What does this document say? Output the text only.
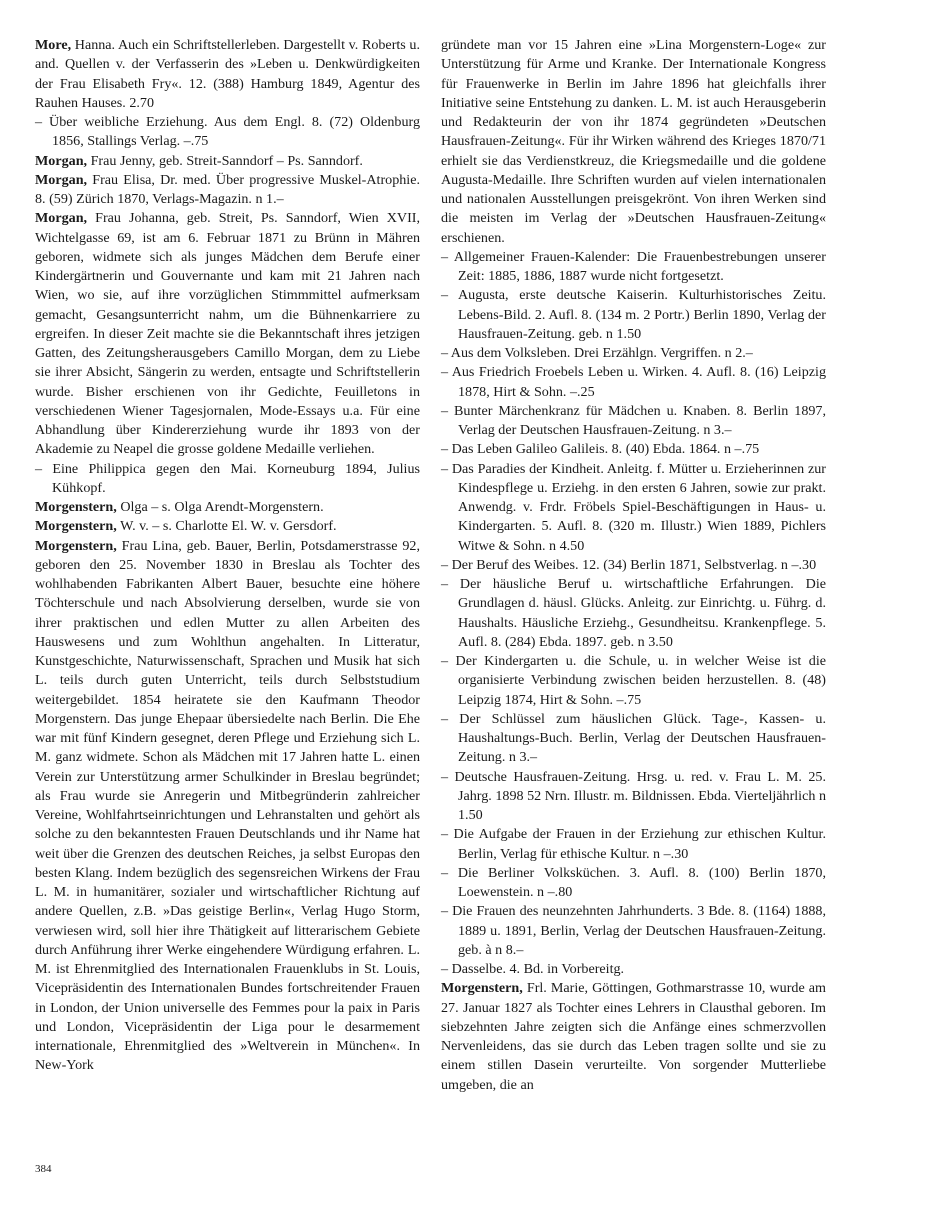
More, Hanna. Auch ein Schriftstellerleben. Dargestellt v. Roberts u. and. Quellen v. der Verfasserin des »Leben u. Denkwürdigkeiten der Frau Elisabeth Fry«. 12. (388) Hamburg 1849, Agentur des Rauhen Hauses. 2.70

– Über weibliche Erziehung. Aus dem Engl. 8. (72) Oldenburg 1856, Stallings Verlag. –.75

Morgan, Frau Jenny, geb. Streit-Sanndorf – Ps. Sanndorf.

Morgan, Frau Elisa, Dr. med. Über progressive Muskel-Atrophie. 8. (59) Zürich 1870, Verlags-Magazin. n 1.–

Morgan, Frau Johanna, geb. Streit, Ps. Sanndorf, Wien XVII, Wichtelgasse 69, ist am 6. Februar 1871 zu Brünn in Mähren geboren, widmete sich als junges Mädchen dem Berufe einer Kindergärtnerin und Gouvernante und kam mit 21 Jahren nach Wien, wo sie, auf ihre vorzüglichen Stimmmittel aufmerksam gemacht, Gesangsunterricht nahm, um die Bühnenkarriere zu ergreifen. In dieser Zeit machte sie die Bekanntschaft ihres jetzigen Gatten, des Zeitungsherausgebers Camillo Morgan, dem zu Liebe sie ihrer Absicht, Sängerin zu werden, entsagte und Schriftstellerin wurde. Bisher erschienen von ihr Gedichte, Feuilletons in verschiedenen Wiener Tagesjornalen, Mode-Essays u.a. Für eine Abhandlung über Kindererziehung wurde ihr 1893 von der Akademie zu Neapel die grosse goldene Medaille verliehen.

– Eine Philippica gegen den Mai. Korneuburg 1894, Julius Kühkopf.

Morgenstern, Olga – s. Olga Arendt-Morgenstern.

Morgenstern, W. v. – s. Charlotte El. W. v. Gersdorf.

Morgenstern, Frau Lina, geb. Bauer, Berlin, Potsdamerstrasse 92, geboren den 25. November 1830 in Breslau als Tochter des wohlhabenden Fabrikanten Albert Bauer, besuchte eine höhere Töchterschule und nach Absolvierung derselben, wurde sie von ihrer praktischen und edlen Mutter zu allen Arbeiten des Hauswesens und zum Wohlthun angehalten. In Litteratur, Kunstgeschichte, Naturwissenschaft, Sprachen und Musik hat sich L. teils durch guten Unterricht, teils durch Selbststudium weitergebildet. 1854 heiratete sie den Kaufmann Theodor Morgenstern. Das junge Ehepaar übersiedelte nach Berlin. Die Ehe war mit fünf Kindern gesegnet, deren Pflege und Erziehung sich L. M. ganz widmete. Schon als Mädchen mit 17 Jahren hatte L. einen Verein zur Unterstützung armer Schulkinder in Breslau begründet; als Frau wurde sie Anregerin und Mitbegründerin zahlreicher Vereine, Wohlfahrtseinrichtungen und Lehranstalten und gehört als solche zu den bekanntesten Frauen Deutschlands und ihr Name hat weit über die Grenzen des deutschen Reiches, ja selbst Europas den besten Klang. Indem bezüglich des segensreichen Wirkens der Frau L. M. in humanitärer, sozialer und wirtschaftlicher Richtung auf andere Quellen, z.B. »Das geistige Berlin«, Verlag Hugo Storm, verwiesen wird, soll hier ihre Thätigkeit auf litterarischem Gebiete durch Anführung ihrer Werke eingehendere Würdigung erfahren. L. M. ist Ehrenmitglied des Internationalen Frauenklubs in St. Louis, Vicepräsidentin des Internationalen Bundes fortschreitender Frauen in London, der Union universelle des Femmes pour la paix in Paris und London, Vicepräsidentin der Liga pour le desarmement internationale, Ehrenmitglied des »Weltverein in München«. In New-York

gründete man vor 15 Jahren eine »Lina Morgenstern-Loge« zur Unterstützung für Arme und Kranke. Der Internationale Kongress für Frauenwerke in Berlin im Jahre 1896 hat gleichfalls ihrer Initiative seine Entstehung zu danken. L. M. ist auch Herausgeberin und Redakteurin der von ihr 1874 gegründeten »Deutschen Hausfrauen-Zeitung«. Für ihr Wirken während des Krieges 1870/71 erhielt sie das Verdienstkreuz, die Kriegsmedaille und die goldene Augusta-Medaille. Ihre Schriften wurden auf vielen internationalen und nationalen Ausstellungen preisgekrönt. Von ihren Werken sind die meisten im Verlag der »Deutschen Hausfrauen-Zeitung« erschienen.

– Allgemeiner Frauen-Kalender: Die Frauenbestrebungen unserer Zeit: 1885, 1886, 1887 wurde nicht fortgesetzt.

– Augusta, erste deutsche Kaiserin. Kulturhistorisches Zeitu. Lebens-Bild. 2. Aufl. 8. (134 m. 2 Portr.) Berlin 1890, Verlag der Hausfrauen-Zeitung. geb. n 1.50

– Aus dem Volksleben. Drei Erzählgn. Vergriffen. n 2.–

– Aus Friedrich Froebels Leben u. Wirken. 4. Aufl. 8. (16) Leipzig 1878, Hirt & Sohn. –.25

– Bunter Märchenkranz für Mädchen u. Knaben. 8. Berlin 1897, Verlag der Deutschen Hausfrauen-Zeitung. n 3.–

– Das Leben Galileo Galileis. 8. (40) Ebda. 1864. n –.75

– Das Paradies der Kindheit. Anleitg. f. Mütter u. Erzieherinnen zur Kindespflege u. Erziehg. in den ersten 6 Jahren, sowie zur prakt. Anwendg. v. Frdr. Fröbels Spiel-Beschäftigungen in Haus- u. Kindergarten. 5. Aufl. 8. (320 m. Illustr.) Wien 1889, Pichlers Witwe & Sohn. n 4.50

– Der Beruf des Weibes. 12. (34) Berlin 1871, Selbstverlag. n –.30

– Der häusliche Beruf u. wirtschaftliche Erfahrungen. Die Grundlagen d. häusl. Glücks. Anleitg. zur Einrichtg. u. Führg. d. Haushalts. Häusliche Erziehg., Gesundheitsu. Krankenpflege. 5. Aufl. 8. (284) Ebda. 1897. geb. n 3.50

– Der Kindergarten u. die Schule, u. in welcher Weise ist die organisierte Verbindung zwischen beiden herzustellen. 8. (48) Leipzig 1874, Hirt & Sohn. –.75

– Der Schlüssel zum häuslichen Glück. Tage-, Kassen- u. Haushaltungs-Buch. Berlin, Verlag der Deutschen Hausfrauen-Zeitung. n 3.–

– Deutsche Hausfrauen-Zeitung. Hrsg. u. red. v. Frau L. M. 25. Jahrg. 1898 52 Nrn. Illustr. m. Bildnissen. Ebda. Vierteljährlich n 1.50

– Die Aufgabe der Frauen in der Erziehung zur ethischen Kultur. Berlin, Verlag für ethische Kultur. n –.30

– Die Berliner Volksküchen. 3. Aufl. 8. (100) Berlin 1870, Loewenstein. n –.80

– Die Frauen des neunzehnten Jahrhunderts. 3 Bde. 8. (1164) 1888, 1889 u. 1891, Berlin, Verlag der Deutschen Hausfrauen-Zeitung. geb. à n 8.–

– Dasselbe. 4. Bd. in Vorbereitg.

Morgenstern, Frl. Marie, Göttingen, Gothmarstrasse 10, wurde am 27. Januar 1827 als Tochter eines Lehrers in Clausthal geboren. Im siebzehnten Jahre zeigten sich die Anfänge eines schmerzvollen Nervenleidens, das sie durch das Leben tragen sollte und sie zu einem stillen Dasein verurteilte. Von sorgender Mutterliebe umgeben, die an

384
